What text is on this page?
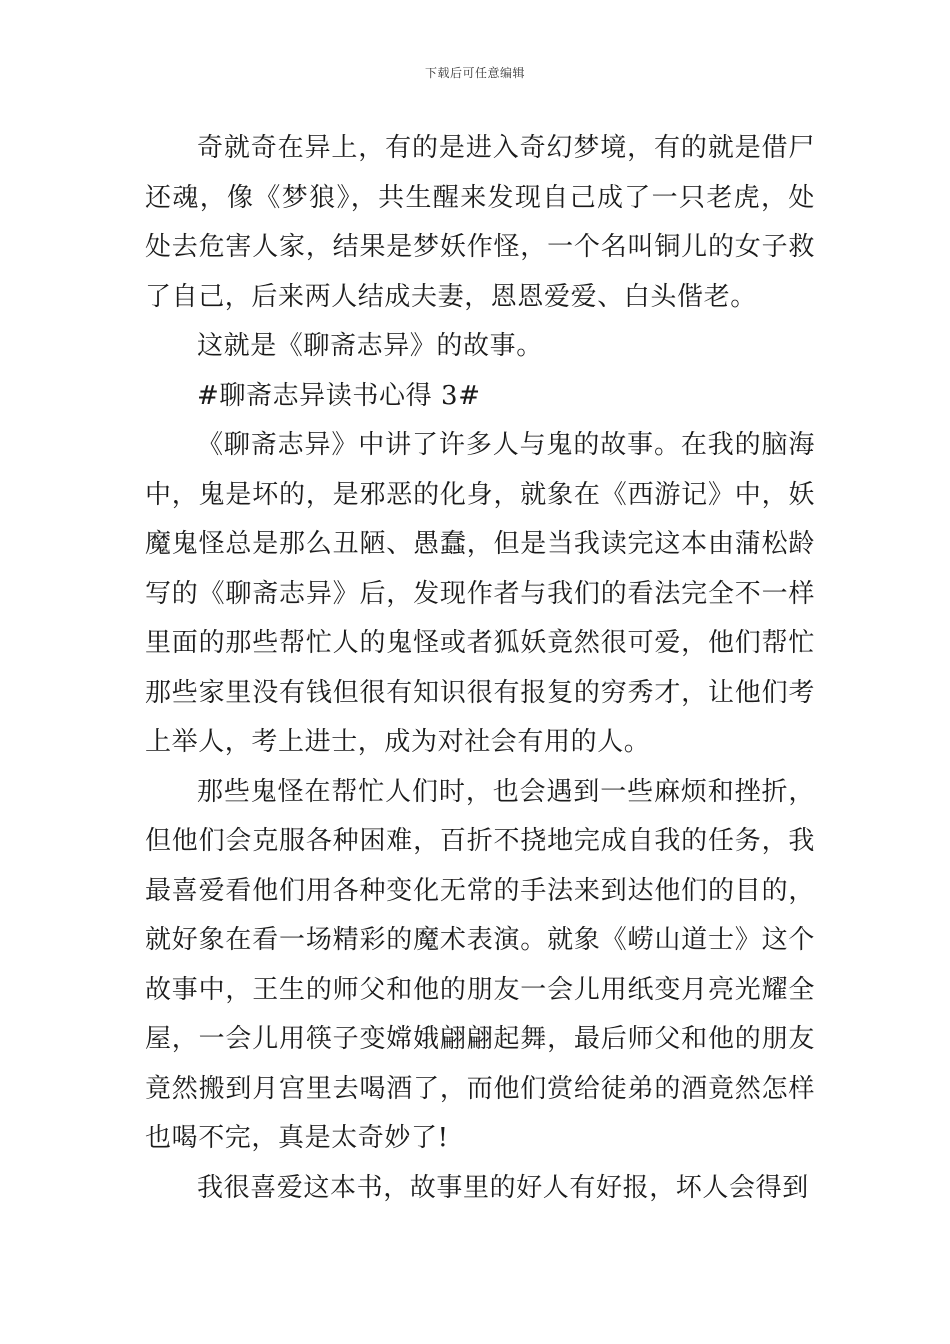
下载后可任意编辑

奇就奇在异上，有的是进入奇幻梦境，有的就是借尸还魂，像《梦狼》，共生醒来发现自己成了一只老虎，处处去危害人家，结果是梦妖作怪，一个名叫铜儿的女子救了自己，后来两人结成夫妻，恩恩爱爱、白头偕老。

这就是《聊斋志异》的故事。

#聊斋志异读书心得 3#

《聊斋志异》中讲了许多人与鬼的故事。在我的脑海中，鬼是坏的，是邪恶的化身，就象在《西游记》中，妖魔鬼怪总是那么丑陋、愚蠢，但是当我读完这本由蒲松龄写的《聊斋志异》后，发现作者与我们的看法完全不一样里面的那些帮忙人的鬼怪或者狐妖竟然很可爱，他们帮忙那些家里没有钱但很有知识很有报复的穷秀才，让他们考上举人，考上进士，成为对社会有用的人。

那些鬼怪在帮忙人们时，也会遇到一些麻烦和挫折，但他们会克服各种困难，百折不挠地完成自我的任务，我最喜爱看他们用各种变化无常的手法来到达他们的目的，就好象在看一场精彩的魔术表演。就象《崂山道士》这个故事中，王生的师父和他的朋友一会儿用纸变月亮光耀全屋，一会儿用筷子变嫦娥翩翩起舞，最后师父和他的朋友竟然搬到月宫里去喝酒了，而他们赏给徒弟的酒竟然怎样也喝不完，真是太奇妙了!

我很喜爱这本书，故事里的好人有好报，坏人会得到
